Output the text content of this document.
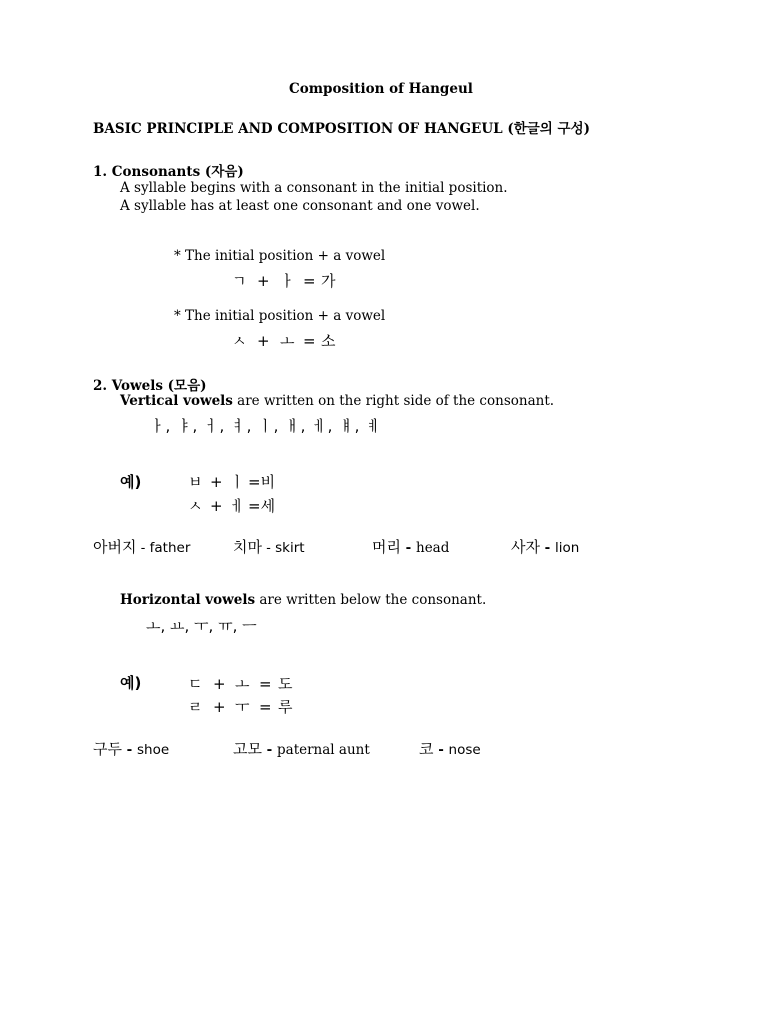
Composition of Hangeul
BASIC PRINCIPLE AND COMPOSITION OF HANGEUL (한글의 구성)
1. Consonants (자음)
A syllable begins with a consonant in the initial position.
A syllable has at least one consonant and one vowel.
* The initial position + a vowel
ㄱ + ㅏ = 가
* The initial position + a vowel
ㅅ + ㅗ = 소
2. Vowels (모음)
Vertical vowels are written on the right side of the consonant.
ㅏ, ㅑ, ㅓ, ㅕ, ㅣ, ㅐ, ㅔ, ㅒ, ㅖ
예)	ㅂ + ㅣ =비
ㅅ + ㅔ =세
아버지 - father	치마 - skirt	머리 - head	사자 - lion
Horizontal vowels are written below the consonant.
ㅗ, ㅛ, ㅜ, ㅠ, ㅡ
예)	ㄷ + ㅗ = 도
ㄹ + ㅜ = 루
구두 - shoe	고모 - paternal aunt	코 - nose
